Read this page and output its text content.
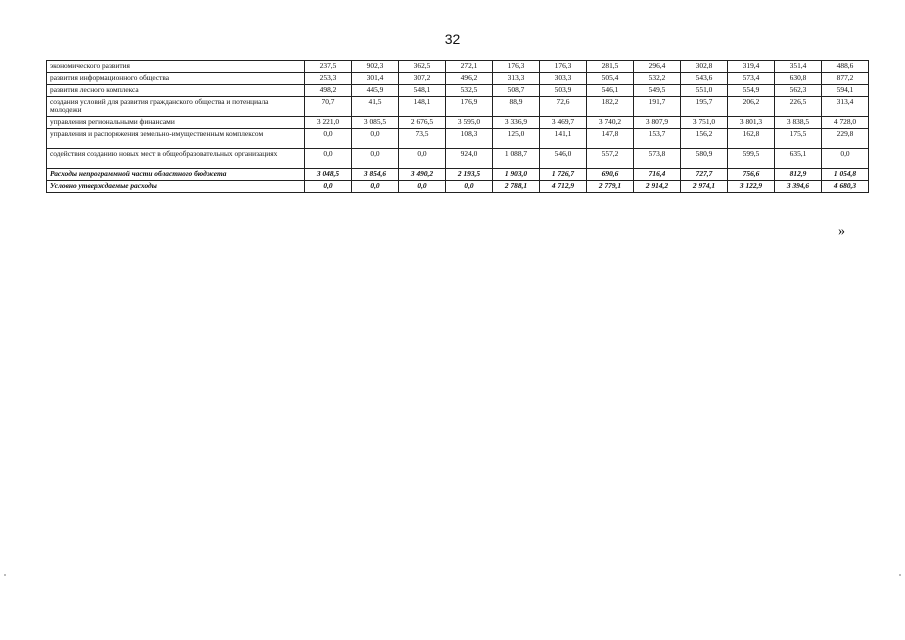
32
экономического развития	237,5	902,3	362,5	272,1	176,3	176,3	281,5	296,4	302,8	319,4	351,4	488,6
развития информационного общества	253,3	301,4	307,2	496,2	313,3	303,3	505,4	532,2	543,6	573,4	630,8	877,2
развития лесного комплекса	498,2	445,9	548,1	532,5	508,7	503,9	546,1	549,5	551,0	554,9	562,3	594,1
создания условий для развития гражданского общества и потенциала молодежи	70,7	41,5	148,1	176,9	88,9	72,6	182,2	191,7	195,7	206,2	226,5	313,4
управления региональными финансами	3 221,0	3 085,5	2 676,5	3 595,0	3 336,9	3 469,7	3 740,2	3 807,9	3 751,0	3 801,3	3 838,5	4 728,0
управления и распоряжения земельно-имущественным комплексом	0,0	0,0	73,5	108,3	125,0	141,1	147,8	153,7	156,2	162,8	175,5	229,8
содействия созданию новых мест в общеобразовательных организациях	0,0	0,0	0,0	924,0	1 088,7	546,0	557,2	573,8	580,9	599,5	635,1	0,0
Расходы непрограммной части областного бюджета	3 048,5	3 854,6	3 490,2	2 193,5	1 903,0	1 726,7	690,6	716,4	727,7	756,6	812,9	1 054,8
Условно утверждаемые расходы	0,0	0,0	0,0	0,0	2 788,1	4 712,9	2 779,1	2 914,2	2 974,1	3 122,9	3 394,6	4 680,3
»
